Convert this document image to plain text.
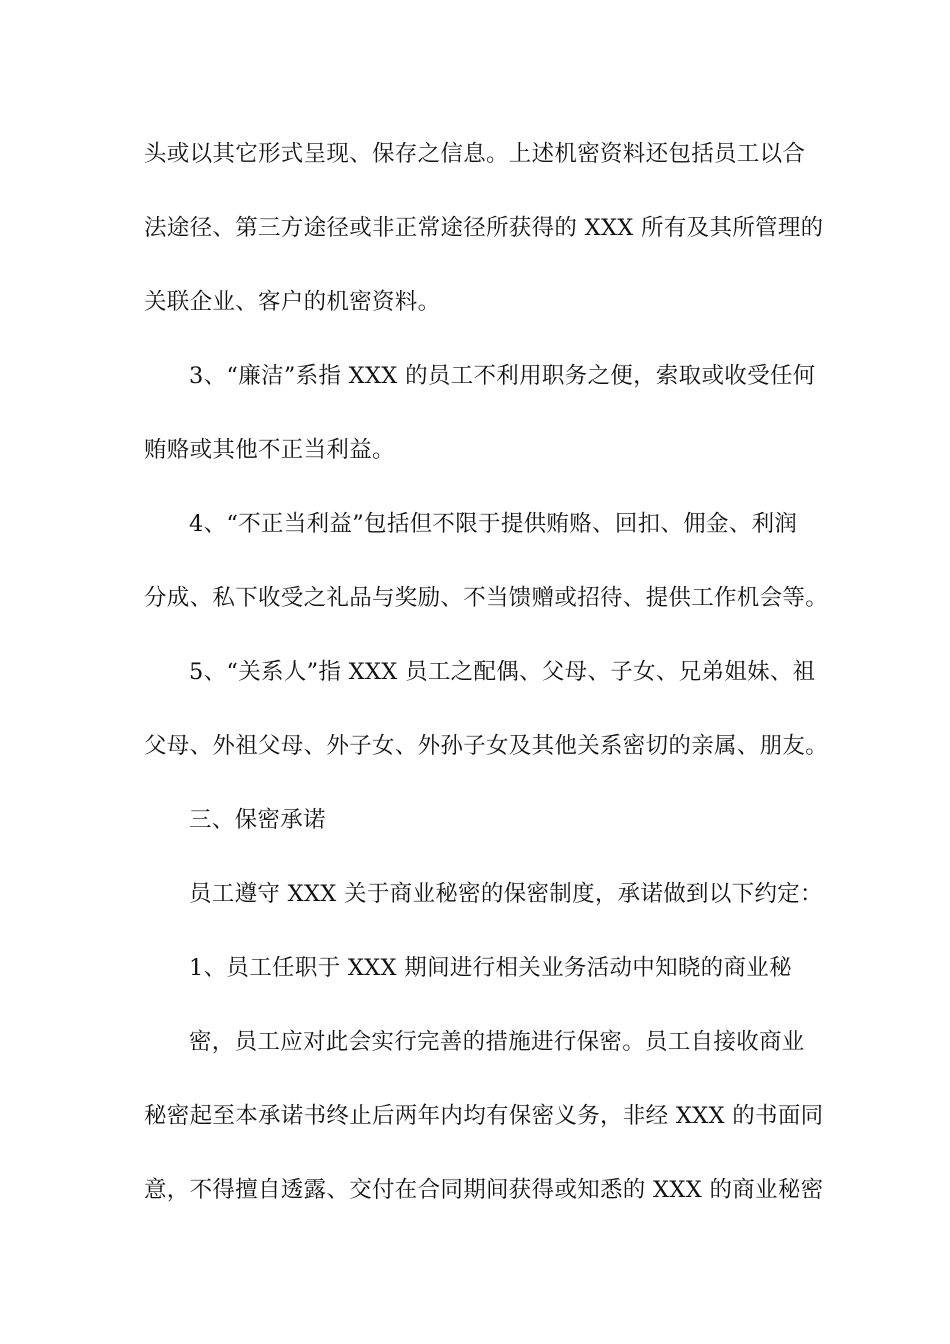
头或以其它形式呈现、保存之信息。上述机密资料还包括员工以合
法途径、第三方途径或非正常途径所获得的 XXX 所有及其所管理的
关联企业、客户的机密资料。
3、“廉洁”系指 XXX 的员工不利用职务之便，索取或收受任何
贿赂或其他不正当利益。
4、“不正当利益”包括但不限于提供贿赂、回扣、佣金、利润
分成、私下收受之礼品与奖励、不当馈赠或招待、提供工作机会等。
5、“关系人”指 XXX 员工之配偶、父母、子女、兄弟姐妹、祖
父母、外祖父母、外子女、外孙子女及其他关系密切的亲属、朋友。
三、保密承诺
员工遵守 XXX 关于商业秘密的保密制度，承诺做到以下约定：
1、员工任职于 XXX 期间进行相关业务活动中知晓的商业秘
密，员工应对此会实行完善的措施进行保密。员工自接收商业
秘密起至本承诺书终止后两年内均有保密义务，非经 XXX 的书面同
意，不得擅自透露、交付在合同期间获得或知悉的 XXX 的商业秘密
